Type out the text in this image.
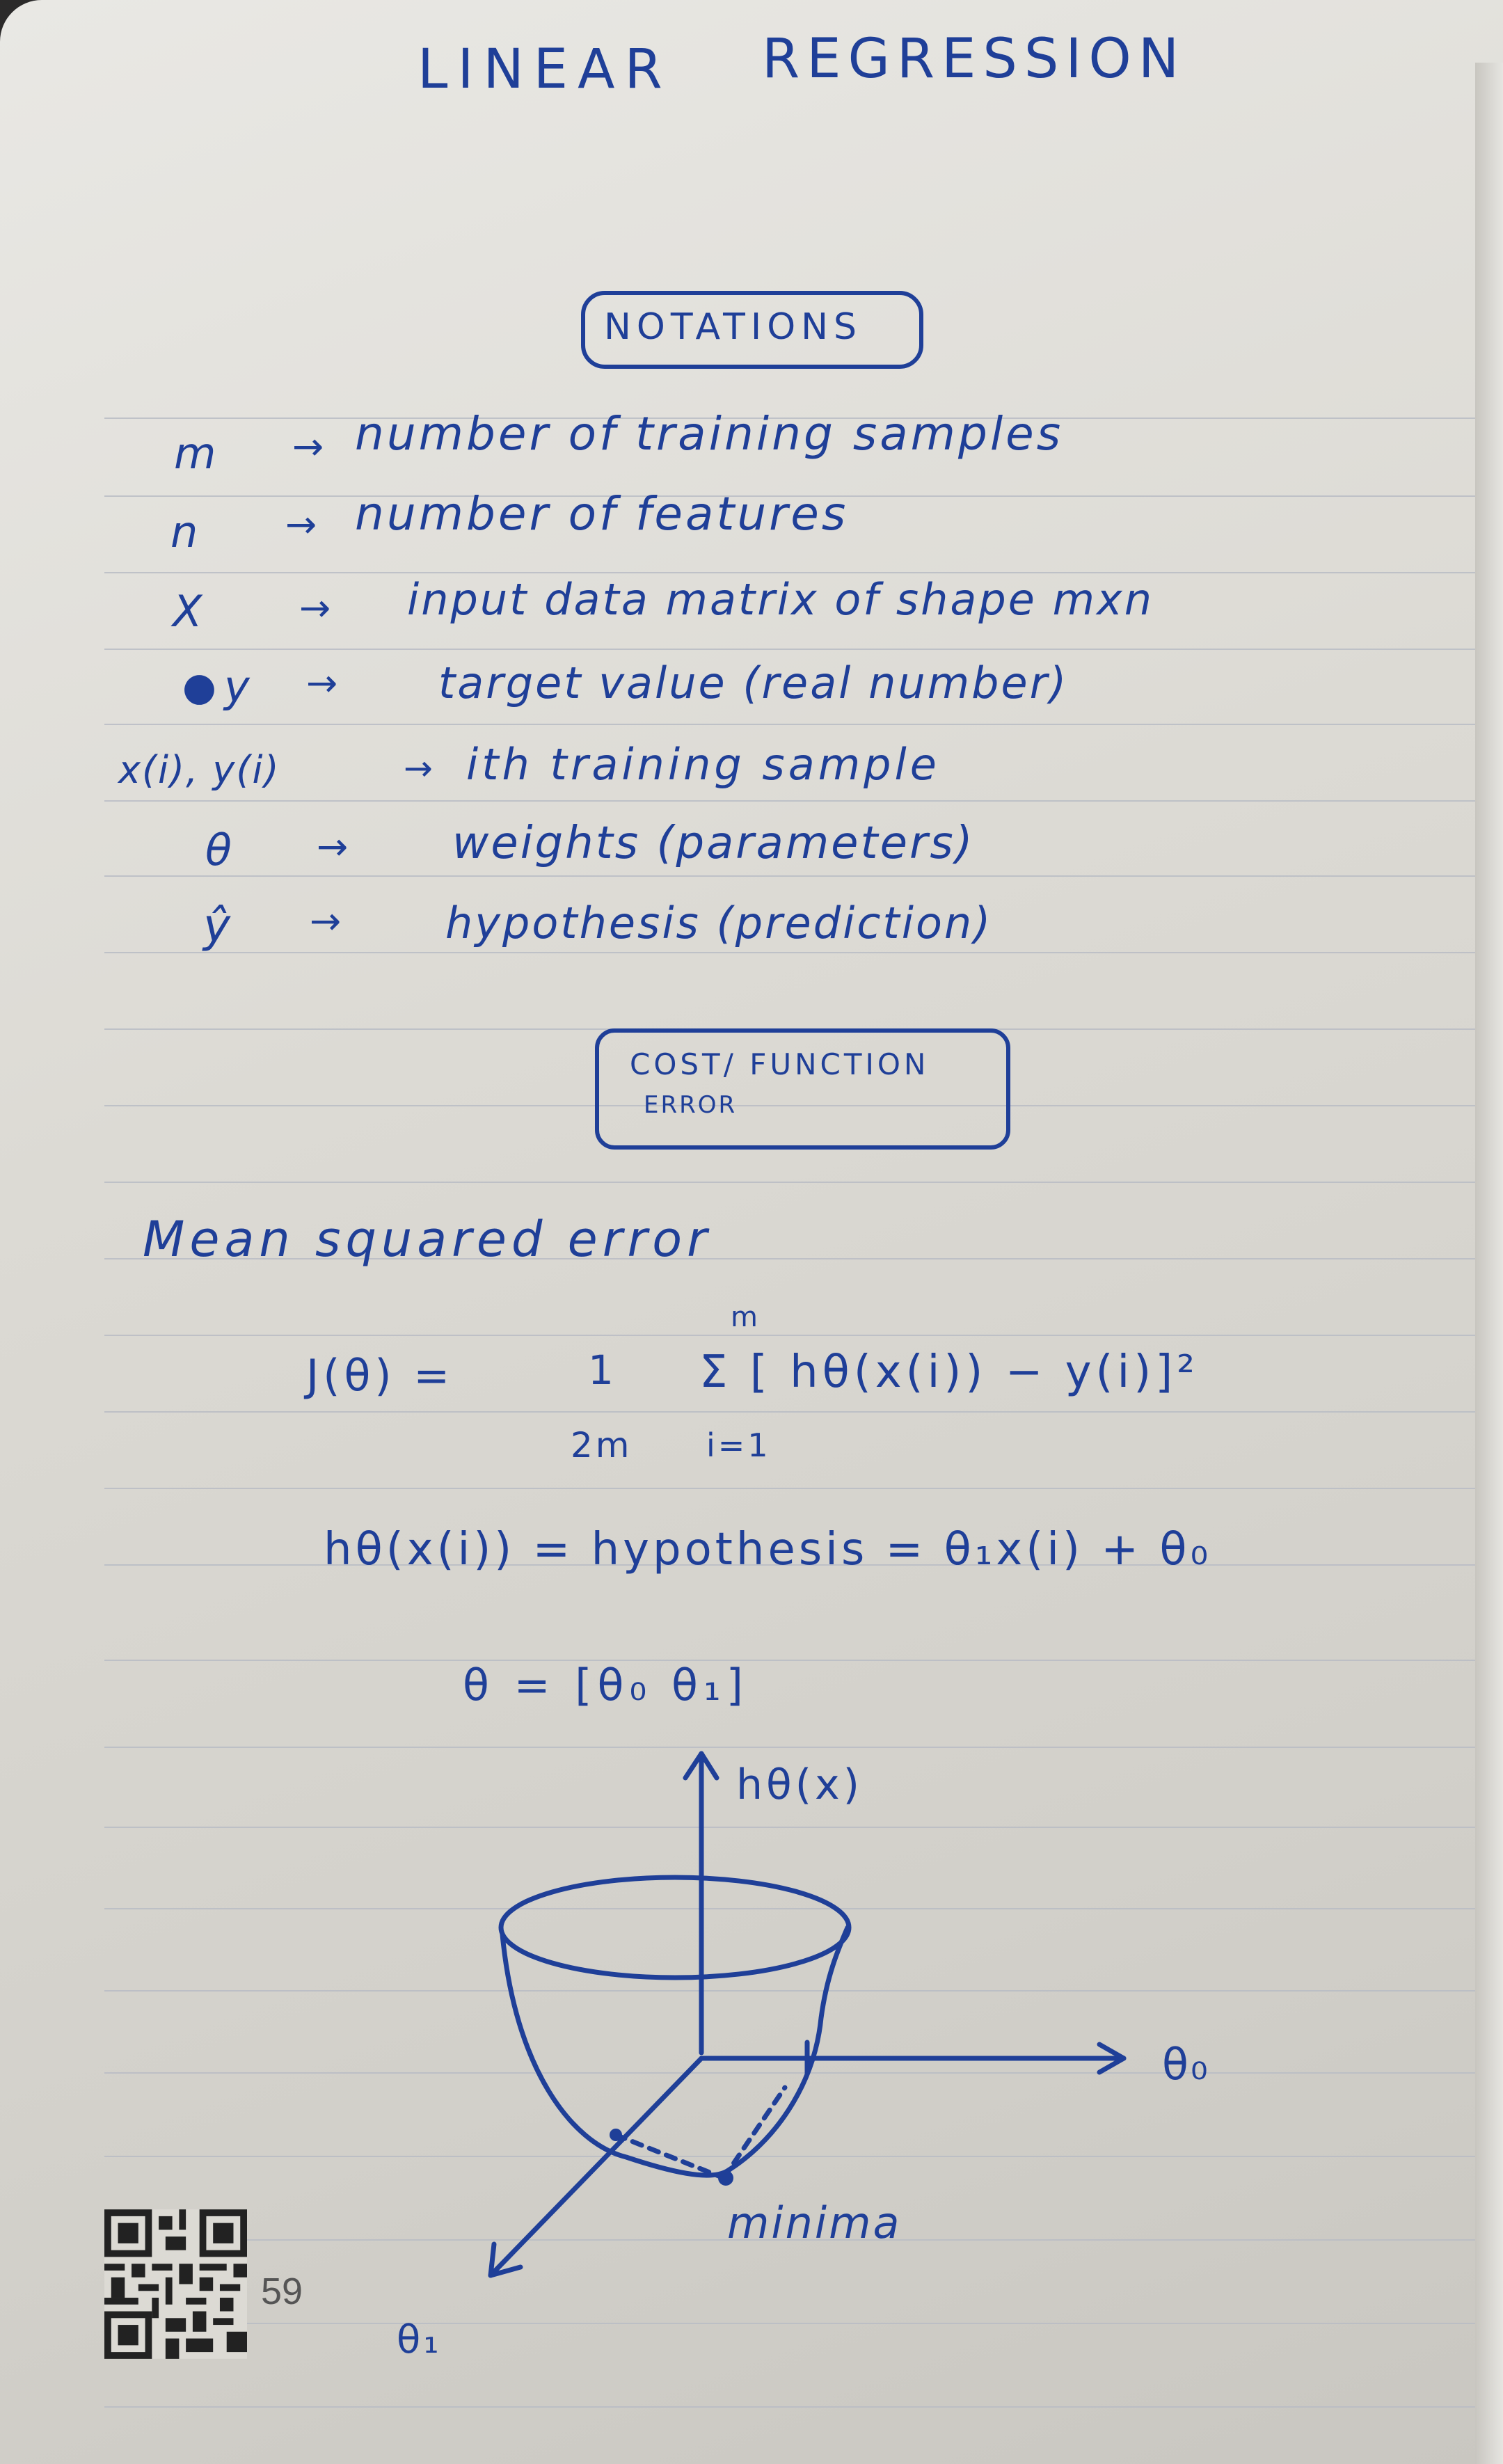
LINEAR REGRESSION
NOTATIONS
m → number of training samples
n → number of features
X	→ input data matrix of shape mxn
● y → target value (real number)
x(i), y(i)	→ ith training sample
θ → weights (parameters)
ŷ → hypothesis (prediction)
COST/ FUNCTION
ERROR
Mean squared error
m
J(θ) =	1
2m
Σ [ hθ(x(i)) − y(i)]²
i=1
hθ(x(i)) = hypothesis = θ₁x(i) + θ₀
θ = [θ₀ θ₁]
hθ(x)
θ₀
θ₁
minima
59
